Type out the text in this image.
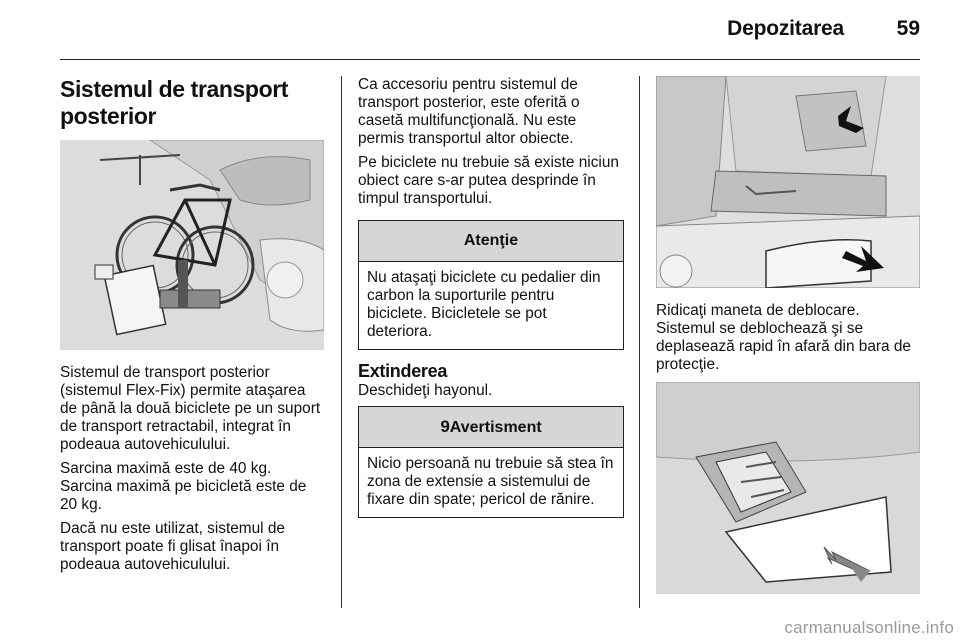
Depozitarea	59
Sistemul de transport posterior

Sistemul de transport posterior (sistemul Flex-Fix) permite ataşarea de până la două biciclete pe un suport de transport retractabil, integrat în podeaua autovehiculului.

Sarcina maximă este de 40 kg. Sarcina maximă pe bicicletă este de 20 kg.

Dacă nu este utilizat, sistemul de transport poate fi glisat înapoi în podeaua autovehiculului.

Ca accesoriu pentru sistemul de transport posterior, este oferită o casetă multifuncţională. Nu este permis transportul altor obiecte.

Pe biciclete nu trebuie să existe niciun obiect care s-ar putea desprinde în timpul transportului.

Atenţie
Nu ataşaţi biciclete cu pedalier din carbon la suporturile pentru biciclete. Bicicletele se pot deteriora.
Extinderea

Deschideţi hayonul.

9Avertisment
Nicio persoană nu trebuie să stea în zona de extensie a sistemului de fixare din spate; pericol de rănire.

Ridicaţi maneta de deblocare. Sistemul se deblochează şi se deplasează rapid în afară din bara de protecţie.

carmanualsonline.info
